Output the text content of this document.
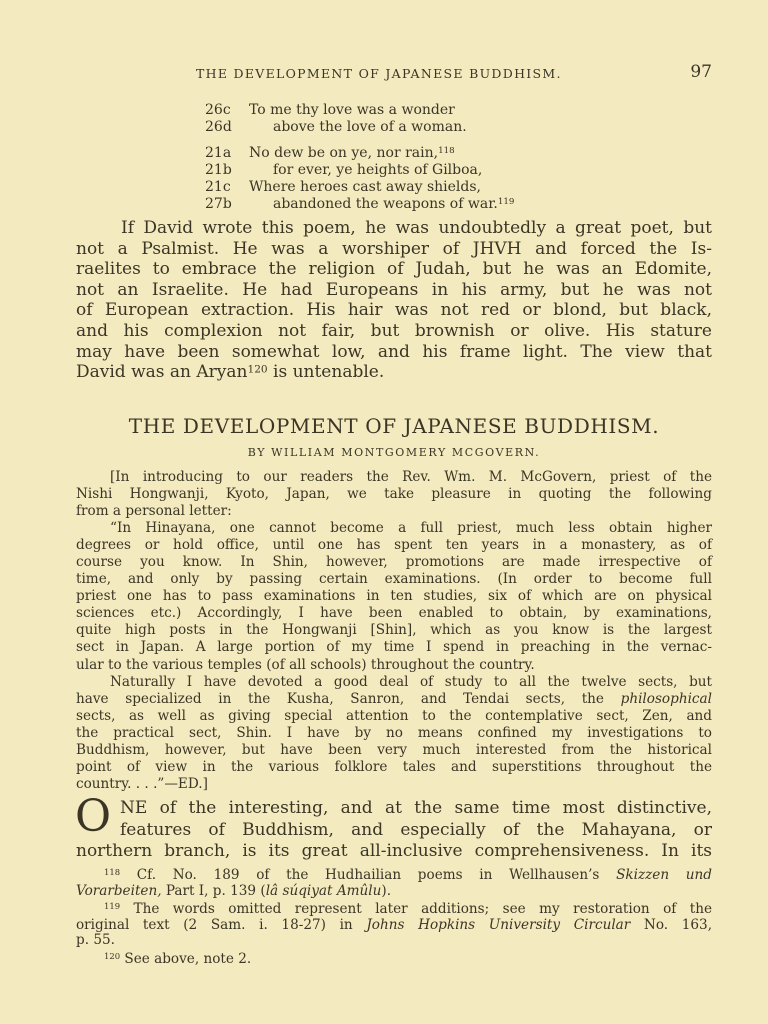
THE DEVELOPMENT OF JAPANESE BUDDHISM.	97
26c	To me thy love was a wonder
26d	above the love of a woman.
21a	No dew be on ye, nor rain,$^{118}$
21b	for ever, ye heights of Gilboa,
21c	Where heroes cast away shields,
27b	abandoned the weapons of war.$^{119}$
If David wrote this poem, he was undoubtedly a great poet, but
not a Psalmist. He was a worshiper of JHVH and forced the Is-
raelites to embrace the religion of Judah, but he was an Edomite,
not an Israelite. He had Europeans in his army, but he was not
of European extraction. His hair was not red or blond, but black,
and his complexion not fair, but brownish or olive. His stature
may have been somewhat low, and his frame light. The view that
David was an Aryan$^{120}$ is untenable.
THE DEVELOPMENT OF JAPANESE BUDDHISM.
BY WILLIAM MONTGOMERY MCGOVERN.
[In introducing to our readers the Rev. Wm. M. McGovern, priest of the
Nishi Hongwanji, Kyoto, Japan, we take pleasure in quoting the following
from a personal letter:
“In Hinayana, one cannot become a full priest, much less obtain higher
degrees or hold office, until one has spent ten years in a monastery, as of
course you know. In Shin, however, promotions are made irrespective of
time, and only by passing certain examinations. (In order to become full
priest one has to pass examinations in ten studies, six of which are on physical
sciences etc.) Accordingly, I have been enabled to obtain, by examinations,
quite high posts in the Hongwanji [Shin], which as you know is the largest
sect in Japan. A large portion of my time I spend in preaching in the vernac-
ular to the various temples (of all schools) throughout the country.
Naturally I have devoted a good deal of study to all the twelve sects, but
have specialized in the Kusha, Sanron, and Tendai sects, the philosophical
sects, as well as giving special attention to the contemplative sect, Zen, and
the practical sect, Shin. I have by no means confined my investigations to
Buddhism, however, but have been very much interested from the historical
point of view in the various folklore tales and superstitions throughout the
country. . . .”—ED.]
O NE of the interesting, and at the same time most distinctive,
features of Buddhism, and especially of the Mahayana, or
northern branch, is its great all-inclusive comprehensiveness. In its
$^{118}$ Cf. No. 189 of the Hudhailian poems in Wellhausen’s Skizzen und
Vorarbeiten, Part I, p. 139 (lâ súqiyat Amûlu).
$^{119}$ The words omitted represent later additions; see my restoration of the
original text (2 Sam. i. 18-27) in Johns Hopkins University Circular No. 163,
p. 55.
$^{120}$ See above, note 2.
